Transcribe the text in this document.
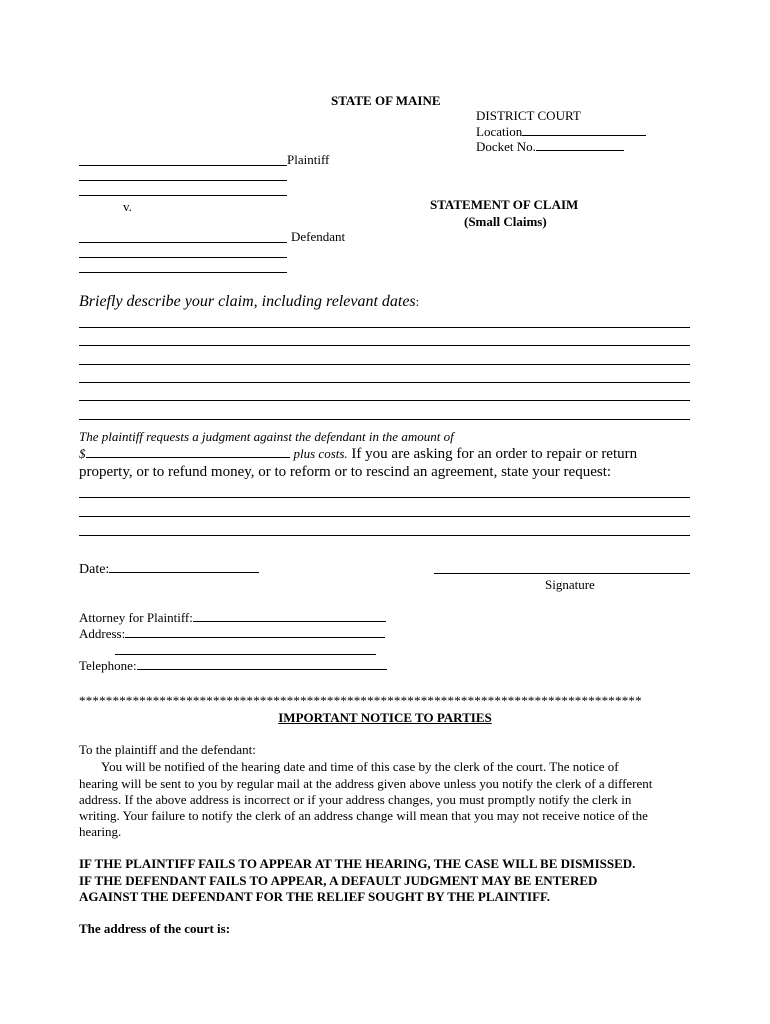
STATE OF MAINE
DISTRICT COURT
Location
Docket No.
Plaintiff
v.	STATEMENT OF CLAIM
(Small Claims)
Defendant
Briefly describe your claim, including relevant dates:
The plaintiff requests a judgment against the defendant in the amount of
$	plus costs. If you are asking for an order to repair or return
property, or to refund money, or to reform or to rescind an agreement, state your request:
Date:
Signature
Attorney for Plaintiff:
Address:
Telephone:
************************************************************************************
IMPORTANT NOTICE TO PARTIES
To the plaintiff and the defendant:
You will be notified of the hearing date and time of this case by the clerk of the court. The notice of
hearing will be sent to you by regular mail at the address given above unless you notify the clerk of a different
address. If the above address is incorrect or if your address changes, you must promptly notify the clerk in
writing. Your failure to notify the clerk of an address change will mean that you may not receive notice of the
hearing.
IF THE PLAINTIFF FAILS TO APPEAR AT THE HEARING, THE CASE WILL BE DISMISSED.
IF THE DEFENDANT FAILS TO APPEAR, A DEFAULT JUDGMENT MAY BE ENTERED
AGAINST THE DEFENDANT FOR THE RELIEF SOUGHT BY THE PLAINTIFF.
The address of the court is:
